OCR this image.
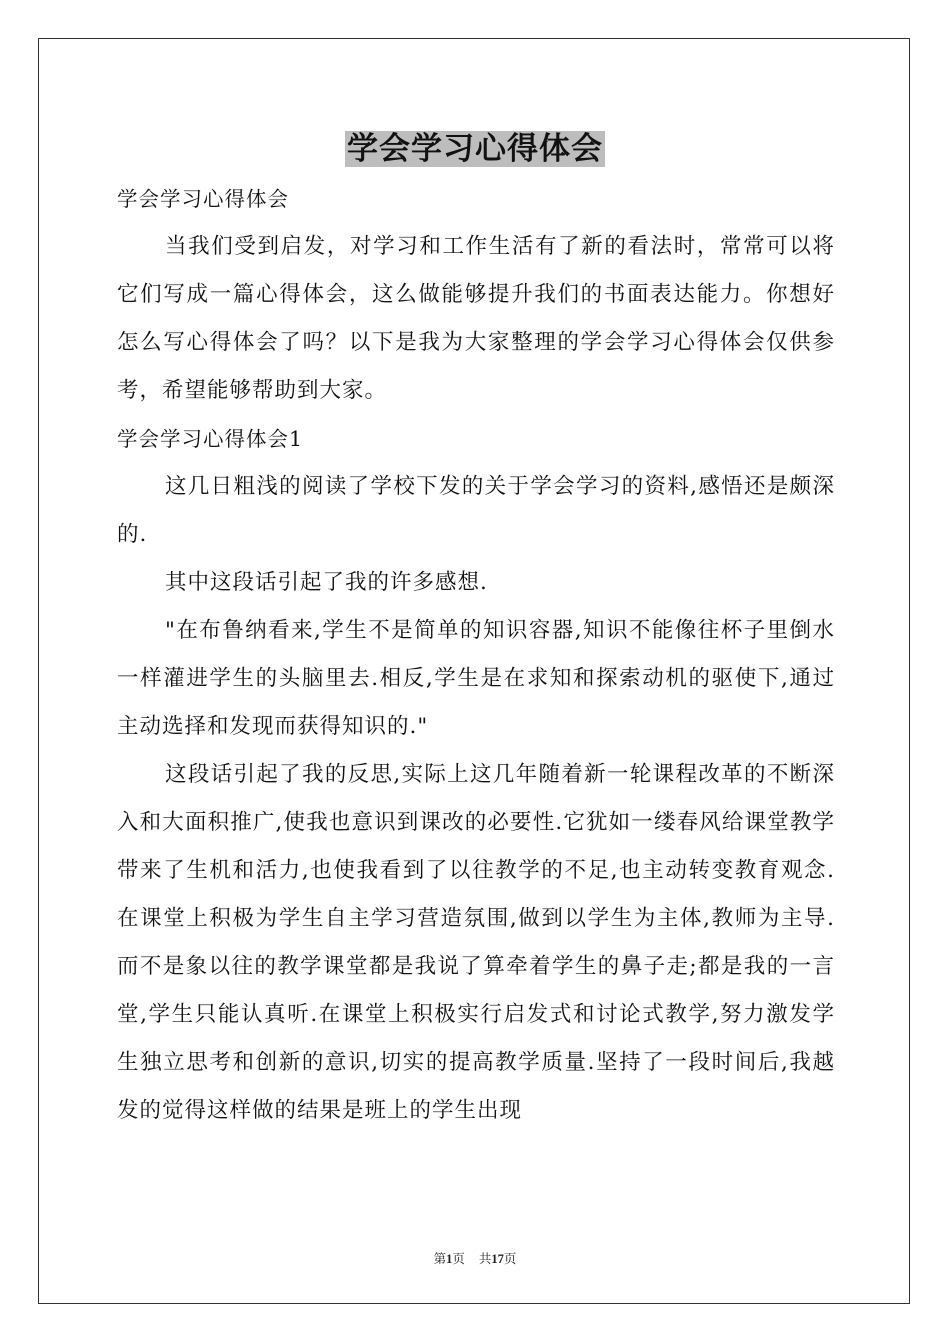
学会学习心得体会

学会学习心得体会

当我们受到启发，对学习和工作生活有了新的看法时，常常可以将它们写成一篇心得体会，这么做能够提升我们的书面表达能力。你想好怎么写心得体会了吗？以下是我为大家整理的学会学习心得体会仅供参考，希望能够帮助到大家。

学会学习心得体会1

这几日粗浅的阅读了学校下发的关于学会学习的资料,感悟还是颇深的.

其中这段话引起了我的许多感想.

"在布鲁纳看来,学生不是简单的知识容器,知识不能像往杯子里倒水一样灌进学生的头脑里去.相反,学生是在求知和探索动机的驱使下,通过主动选择和发现而获得知识的."

这段话引起了我的反思,实际上这几年随着新一轮课程改革的不断深入和大面积推广,使我也意识到课改的必要性.它犹如一缕春风给课堂教学带来了生机和活力,也使我看到了以往教学的不足,也主动转变教育观念.在课堂上积极为学生自主学习营造氛围,做到以学生为主体,教师为主导.而不是象以往的教学课堂都是我说了算牵着学生的鼻子走;都是我的一言堂,学生只能认真听.在课堂上积极实行启发式和讨论式教学,努力激发学生独立思考和创新的意识,切实的提高教学质量.坚持了一段时间后,我越发的觉得这样做的结果是班上的学生出现

第1页 共17页
